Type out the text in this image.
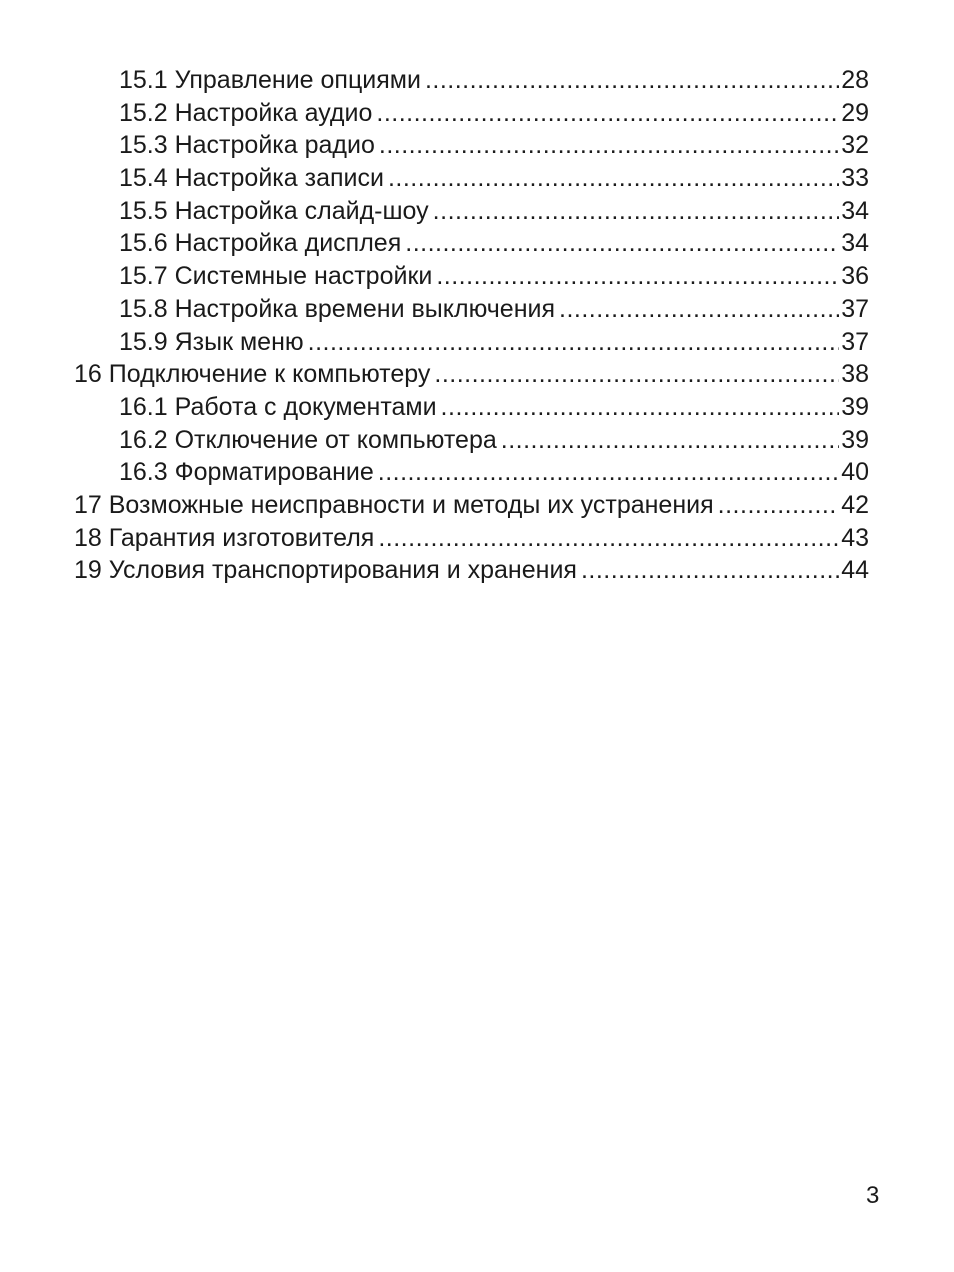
15.1 Управление опциями .....	28
15.2 Настройка аудио .....	29
15.3 Настройка радио .....	32
15.4 Настройка записи .....	33
15.5 Настройка слайд-шоу .....	34
15.6 Настройка дисплея .....	34
15.7 Системные настройки .....	36
15.8 Настройка времени выключения .....	37
15.9 Язык меню .....	37
16 Подключение к компьютеру .....	38
16.1 Работа с документами .....	39
16.2 Отключение от компьютера .....	39
16.3 Форматирование .....	40
17 Возможные неисправности и методы их устранения .....	42
18 Гарантия изготовителя .....	43
19 Условия транспортирования и хранения .....	44
3
